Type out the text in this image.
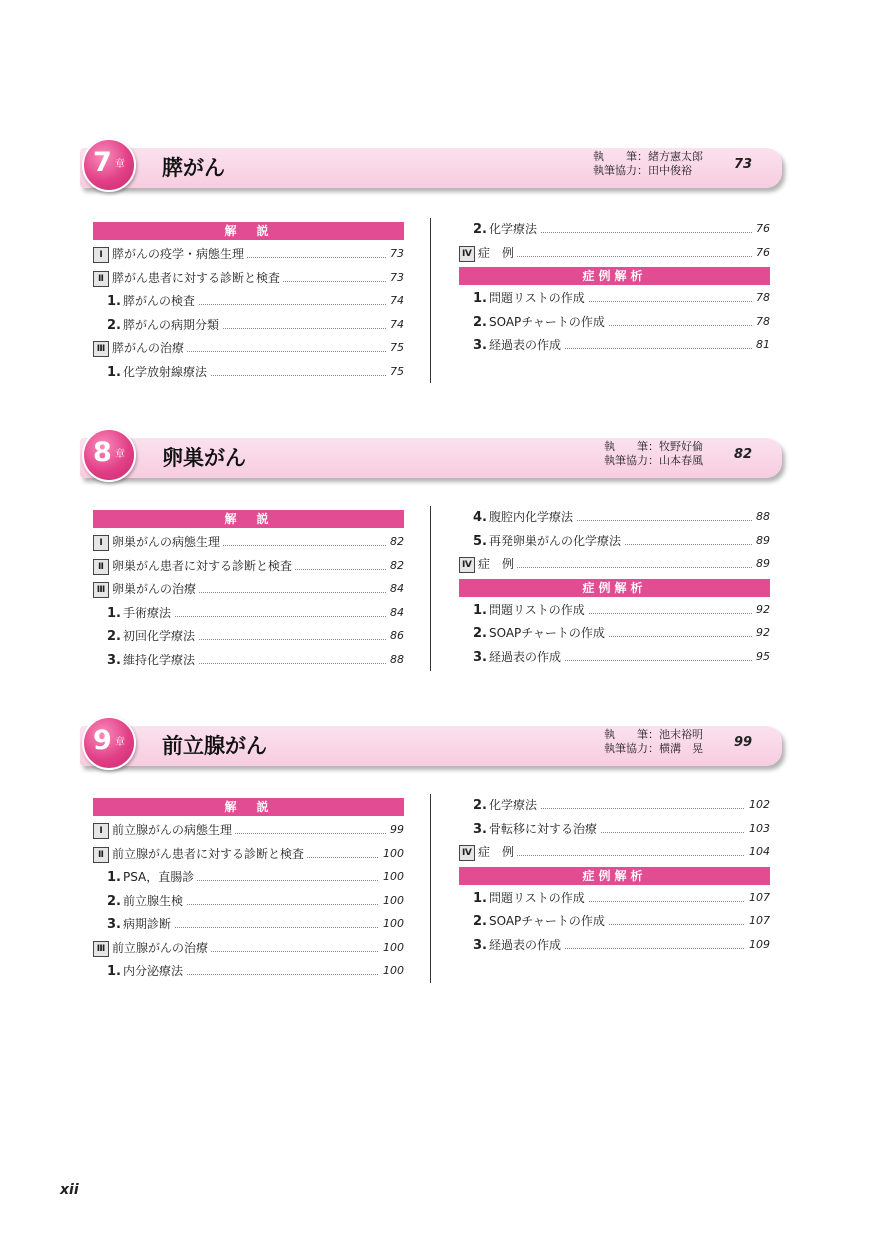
7 章 膵がん	執　　筆：緒方憲太郎
執筆協力：田中俊裕	73
解　説
Ⅰ 膵がんの疫学・病態生理	73
Ⅱ 膵がん患者に対する診断と検査	73
1. 膵がんの検査	74
2. 膵がんの病期分類	74
Ⅲ 膵がんの治療	75
1. 化学放射線療法	75
2. 化学療法	76
Ⅳ 症　例	76
症例解析
1. 問題リストの作成	78
2. SOAPチャートの作成	78
3. 経過表の作成	81
8 章 卵巣がん	執　　筆：牧野好倫
執筆協力：山本春風 82
解　説
Ⅰ 卵巣がんの病態生理	82
Ⅱ 卵巣がん患者に対する診断と検査	82
Ⅲ 卵巣がんの治療	84
1. 手術療法	84
2. 初回化学療法	86
3. 維持化学療法	88
4. 腹腔内化学療法	88
5. 再発卵巣がんの化学療法	89
Ⅳ 症　例	89
症例解析
1. 問題リストの作成	92
2. SOAPチャートの作成	92
3. 経過表の作成	95
9 章 前立腺がん	執　　筆：池末裕明
執筆協力：横溝　晃 99
解　説
Ⅰ 前立腺がんの病態生理	99
Ⅱ 前立腺がん患者に対する診断と検査	100
1. PSA，直腸診	100
2. 前立腺生検	100
3. 病期診断	100
Ⅲ 前立腺がんの治療	100
1. 内分泌療法	100
2. 化学療法	102
3. 骨転移に対する治療	103
Ⅳ 症　例	104
症例解析
1. 問題リストの作成	107
2. SOAPチャートの作成	107
3. 経過表の作成	109
xii
